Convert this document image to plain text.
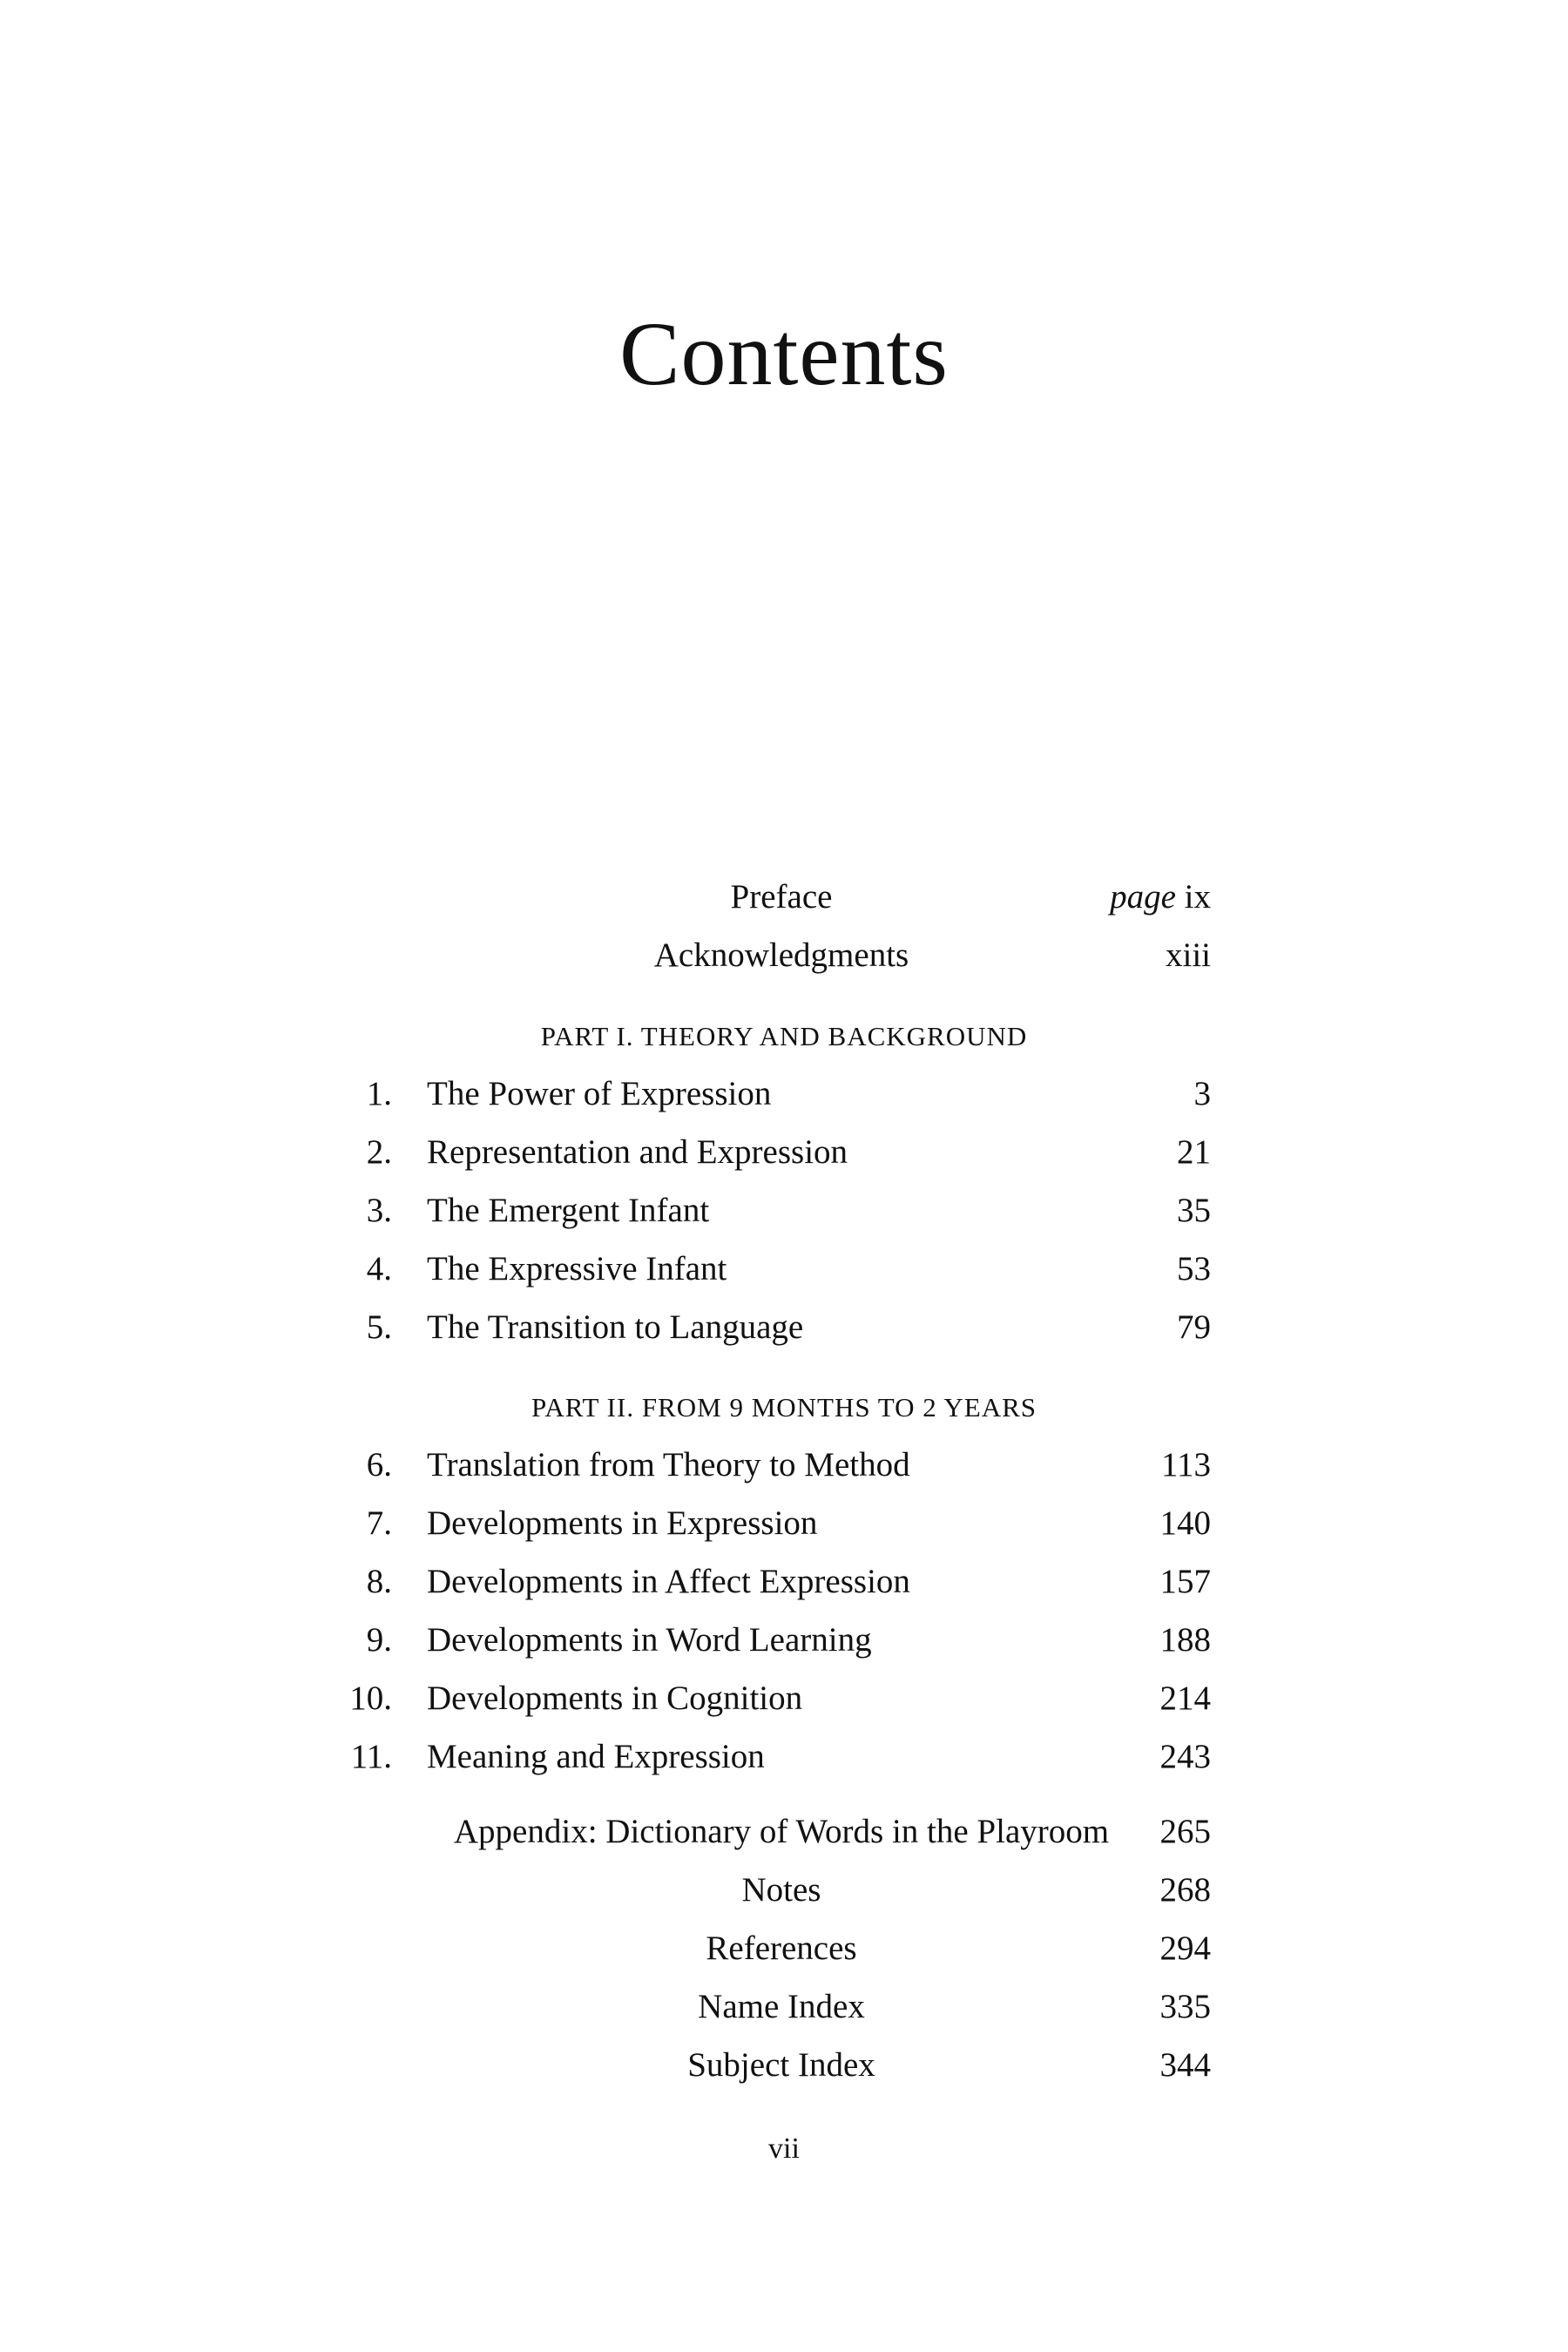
Contents
Preface	page ix
Acknowledgments	xiii
PART I. THEORY AND BACKGROUND
1. The Power of Expression	3
2. Representation and Expression	21
3. The Emergent Infant	35
4. The Expressive Infant	53
5. The Transition to Language	79
PART II. FROM 9 MONTHS TO 2 YEARS
6. Translation from Theory to Method	113
7. Developments in Expression	140
8. Developments in Affect Expression	157
9. Developments in Word Learning	188
10. Developments in Cognition	214
11. Meaning and Expression	243
Appendix: Dictionary of Words in the Playroom	265
Notes	268
References	294
Name Index	335
Subject Index	344
vii
